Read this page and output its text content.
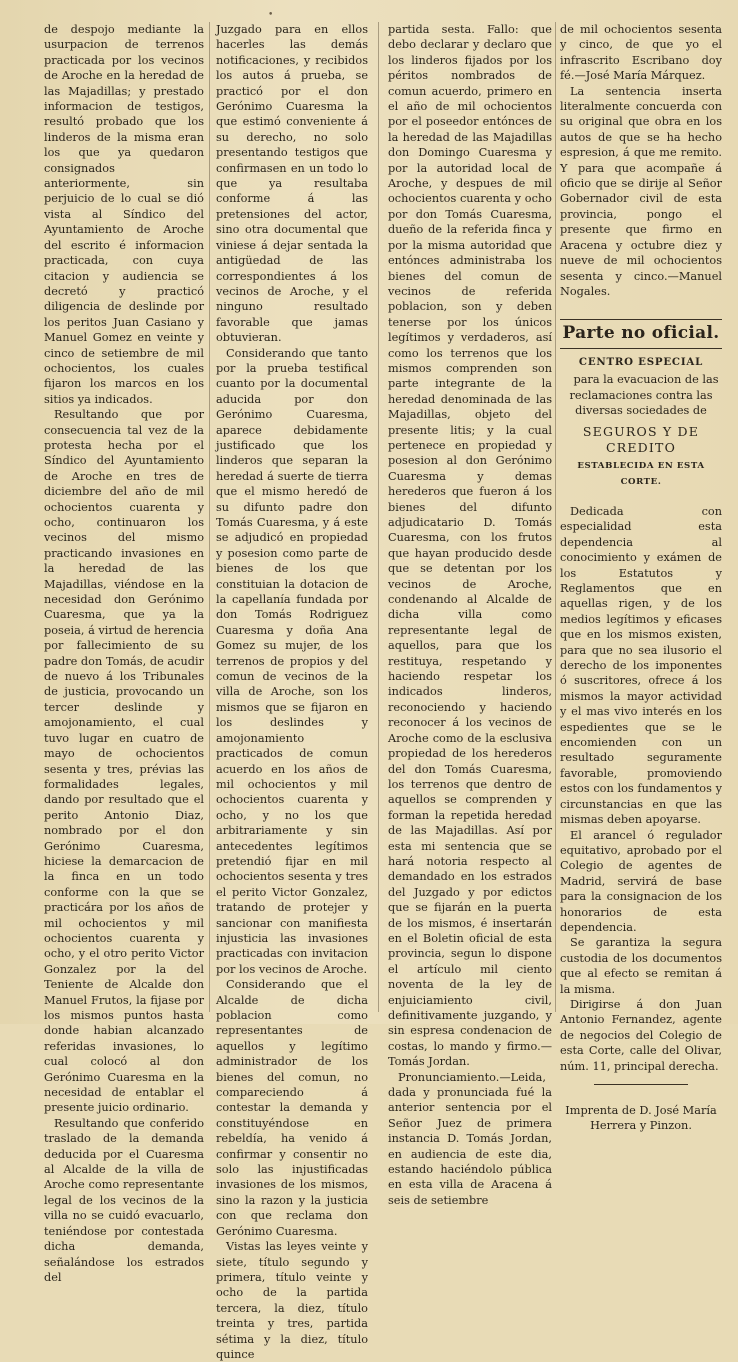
•

de despojo mediante la usurpacion de terrenos practicada por los vecinos de Aroche en la heredad de las Majadillas; y prestado informacion de testigos, resultó probado que los linderos de la misma eran los que ya quedaron consignados anteriormente, sin perjuicio de lo cual se dió vista al Síndico del Ayuntamiento de Aroche del escrito é informacion practicada, con cuya citacion y audiencia se decretó y practicó diligencia de deslinde por los peritos Juan Casiano y Manuel Gomez en veinte y cinco de setiembre de mil ochocientos, los cuales fijaron los marcos en los sitios ya indicados.

Resultando que por consecuencia tal vez de la protesta hecha por el Síndico del Ayuntamiento de Aroche en tres de diciembre del año de mil ochocientos cuarenta y ocho, continuaron los vecinos del mismo practicando invasiones en la heredad de las Majadillas, viéndose en la necesidad don Gerónimo Cuaresma, que ya la poseia, á virtud de herencia por fallecimiento de su padre don Tomás, de acudir de nuevo á los Tribunales de justicia, provocando un tercer deslinde y amojonamiento, el cual tuvo lugar en cuatro de mayo de ochocientos sesenta y tres, prévias las formalidades legales, dando por resultado que el perito Antonio Diaz, nombrado por el don Gerónimo Cuaresma, hiciese la demarcacion de la finca en un todo conforme con la que se practicára por los años de mil ochocientos y mil ochocientos cuarenta y ocho, y el otro perito Victor Gonzalez por la del Teniente de Alcalde don Manuel Frutos, la fijase por los mismos puntos hasta donde habian alcanzado referidas invasiones, lo cual colocó al don Gerónimo Cuaresma en la necesidad de entablar el presente juicio ordinario.

Resultando que conferido traslado de la demanda deducida por el Cuaresma al Alcalde de la villa de Aroche como representante legal de los vecinos de la villa no se cuidó evacuarlo, teniéndose por contestada dicha demanda, señalándose los estrados del

Juzgado para en ellos hacerles las demás notificaciones, y recibidos los autos á prueba, se practicó por el don Gerónimo Cuaresma la que estimó conveniente á su derecho, no solo presentando testigos que confirmasen en un todo lo que ya resultaba conforme á las pretensiones del actor, sino otra documental que viniese á dejar sentada la antigüedad de las correspondientes á los vecinos de Aroche, y el ninguno resultado favorable que jamas obtuvieran.

Considerando que tanto por la prueba testifical cuanto por la documental aducida por don Gerónimo Cuaresma, aparece debidamente justificado que los linderos que separan la heredad á suerte de tierra que el mismo heredó de su difunto padre don Tomás Cuaresma, y á este se adjudicó en propiedad y posesion como parte de bienes de los que constituian la dotacion de la capellanía fundada por don Tomás Rodriguez Cuaresma y doña Ana Gomez su mujer, de los terrenos de propios y del comun de vecinos de la villa de Aroche, son los mismos que se fijaron en los deslindes y amojonamiento practicados de comun acuerdo en los años de mil ochocientos y mil ochocientos cuarenta y ocho, y no los que arbitrariamente y sin antecedentes legítimos pretendió fijar en mil ochocientos sesenta y tres el perito Victor Gonzalez, tratando de protejer y sancionar con manifiesta injusticia las invasiones practicadas con invitacion por los vecinos de Aroche.

Considerando que el Alcalde de dicha poblacion como representantes de aquellos y legítimo administrador de los bienes del comun, no compareciendo á contestar la demanda y constituyéndose en rebeldía, ha venido á confirmar y consentir no solo las injustificadas invasiones de los mismos, sino la razon y la justicia con que reclama don Gerónimo Cuaresma.

Vistas las leyes veinte y siete, título segundo y primera, título veinte y ocho de la partida tercera, la diez, título treinta y tres, partida sétima y la diez, título quince

partida sesta. Fallo: que debo declarar y declaro que los linderos fijados por los péritos nombrados de comun acuerdo, primero en el año de mil ochocientos por el poseedor entónces de la heredad de las Majadillas don Domingo Cuaresma y por la autoridad local de Aroche, y despues de mil ochocientos cuarenta y ocho por don Tomás Cuaresma, dueño de la referida finca y por la misma autoridad que entónces administraba los bienes del comun de vecinos de referida poblacion, son y deben tenerse por los únicos legítimos y verdaderos, así como los terrenos que los mismos comprenden son parte integrante de la heredad denominada de las Majadillas, objeto del presente litis; y la cual pertenece en propiedad y posesion al don Gerónimo Cuaresma y demas herederos que fueron á los bienes del difunto adjudicatario D. Tomás Cuaresma, con los frutos que hayan producido desde que se detentan por los vecinos de Aroche, condenando al Alcalde de dicha villa como representante legal de aquellos, para que los restituya, respetando y haciendo respetar los indicados linderos, reconociendo y haciendo reconocer á los vecinos de Aroche como de la esclusiva propiedad de los herederos del don Tomás Cuaresma, los terrenos que dentro de aquellos se comprenden y forman la repetida heredad de las Majadillas. Así por esta mi sentencia que se hará notoria respecto al demandado en los estrados del Juzgado y por edictos que se fijarán en la puerta de los mismos, é insertarán en el Boletin oficial de esta provincia, segun lo dispone el artículo mil ciento noventa de la ley de enjuiciamiento civil, definitivamente juzgando, y sin espresa condenacion de costas, lo mando y firmo.—Tomás Jordan.

Pronunciamiento.—Leida, dada y pronunciada fué la anterior sentencia por el Señor Juez de primera instancia D. Tomás Jordan, en audiencia de este dia, estando haciéndolo pública en esta villa de Aracena á seis de setiembre

de mil ochocientos sesenta y cinco, de que yo el infrascrito Escribano doy fé.—José María Márquez.

La sentencia inserta literalmente concuerda con su original que obra en los autos de que se ha hecho espresion, á que me remito. Y para que acompañe á oficio que se dirije al Señor Gobernador civil de esta provincia, pongo el presente que firmo en Aracena y octubre diez y nueve de mil ochocientos sesenta y cinco.—Manuel Nogales.

Parte no oficial.
CENTRO ESPECIAL

para la evacuacion de las reclamaciones contra las diversas sociedades de

SEGUROS Y DE CREDITO
ESTABLECIDA EN ESTA CORTE.

Dedicada con especialidad esta dependencia al conocimiento y exámen de los Estatutos y Reglamentos que en aquellas rigen, y de los medios legítimos y eficases que en los mismos existen, para que no sea ilusorio el derecho de los imponentes ó suscritores, ofrece á los mismos la mayor actividad y el mas vivo interés en los espedientes que se le encomienden con un resultado seguramente favorable, promoviendo estos con los fundamentos y circunstancias en que las mismas deben apoyarse.

El arancel ó regulador equitativo, aprobado por el Colegio de agentes de Madrid, servirá de base para la consignacion de los honorarios de esta dependencia.

Se garantiza la segura custodia de los documentos que al efecto se remitan á la misma.

Dirigirse á don Juan Antonio Fernandez, agente de negocios del Colegio de esta Corte, calle del Olivar, núm. 11, principal derecha.

Imprenta de D. José María Herrera y Pinzon.
